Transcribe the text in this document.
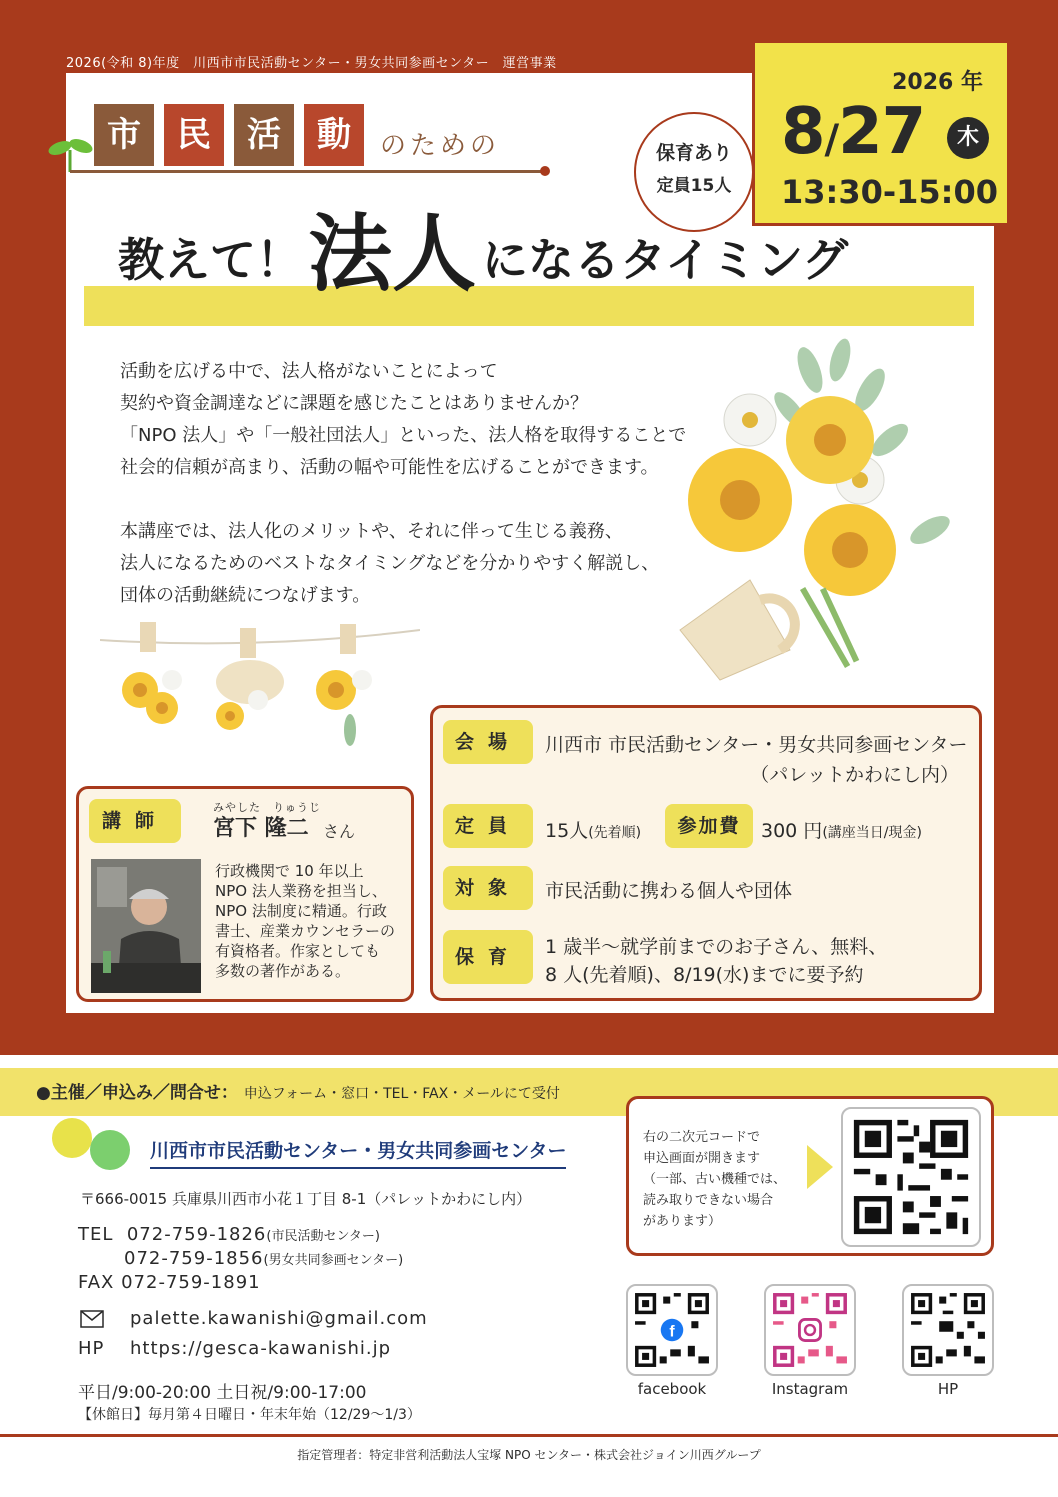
2026(令和 8)年度　川西市市民活動センター・男女共同参画センター　運営事業
市	民	活	動	のための	保育あり
定員15人
2026 年
8/27	木
13:30-15:00
教えて！ 法人 になるタイミング

活動を広げる中で、法人格がないことによって

契約や資金調達などに課題を感じたことはありませんか？

「NPO 法人」や「一般社団法人」といった、法人格を取得することで

社会的信頼が高まり、活動の幅や可能性を広げることができます。

本講座では、法人化のメリットや、それに伴って生じる義務、

法人になるためのベストなタイミングなどを分かりやすく解説し、

団体の活動継続につなげます。

会場	川西市 市民活動センター・男女共同参画センター
（パレットかわにし内）
定員	15人(先着順)	参加費	300 円(講座当日/現金)
対象	市民活動に携わる個人や団体
保育	1 歳半～就学前までのお子さん、無料、
8 人(先着順)、8/19(水)までに要予約
講師
みやした　りゅうじ
宮下 隆二 さん
行政機関で 10 年以上
NPO 法人業務を担当し、
NPO 法制度に精通。行政
書士、産業カウンセラーの
有資格者。作家としても
多数の著作がある。
●主催／申込み／問合せ： 申込フォーム・窓口・TEL・FAX・メールにて受付
川西市市民活動センター・男女共同参画センター
〒666-0015 兵庫県川西市小花１丁目 8-1（パレットかわにし内）
TEL 072-759-1826(市民活動センター)
072-759-1856(男女共同参画センター)
FAX 072-759-1891
palette.kawanishi@gmail.com
HP https://gesca-kawanishi.jp
平日/9:00-20:00 土日祝/9:00-17:00
【休館日】毎月第４日曜日・年末年始（12/29～1/3）
右の二次元コードで
申込画面が開きます
（一部、古い機種では、
読み取りできない場合
があります）
f
facebook	Instagram	HP
指定管理者：特定非営利活動法人宝塚 NPO センター・株式会社ジョイン川西グループ
